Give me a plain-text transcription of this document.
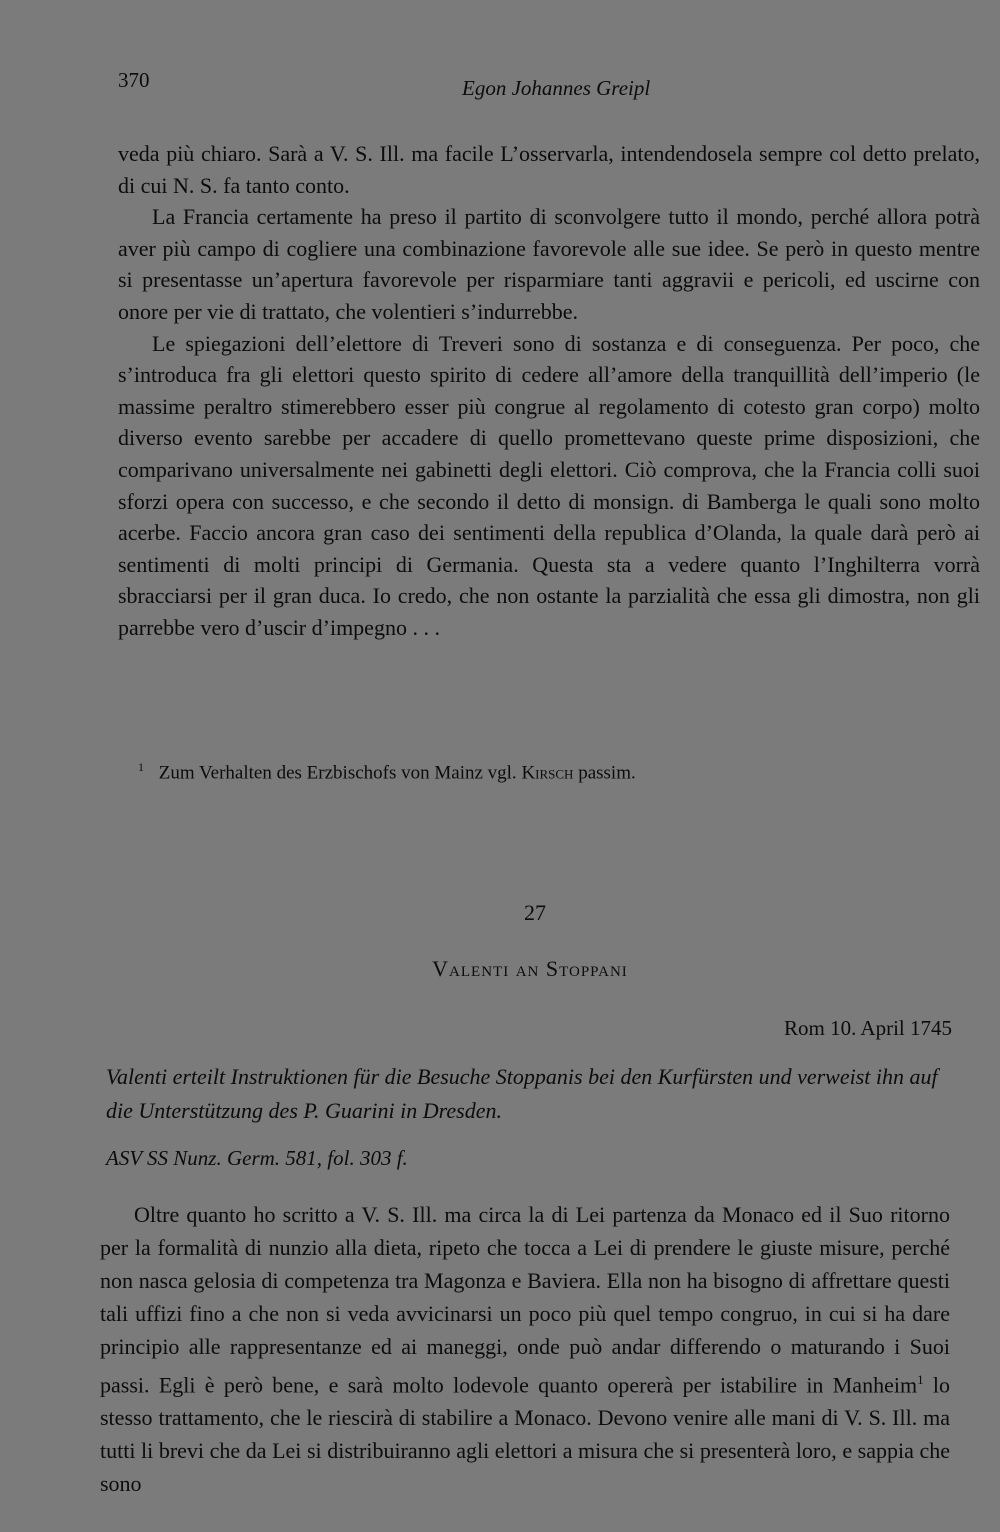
370	Egon Johannes Greipl

veda più chiaro. Sarà a V. S. Ill. ma facile L’osservarla, intendendosela sempre col detto prelato, di cui N. S. fa tanto conto.

La Francia certamente ha preso il partito di sconvolgere tutto il mondo, perché allora potrà aver più campo di cogliere una combinazione favorevole alle sue idee. Se però in questo mentre si presentasse un’apertura favorevole per risparmiare tanti aggravii e pericoli, ed uscirne con onore per vie di trattato, che volentieri s’indurrebbe.

Le spiegazioni dell’elettore di Treveri sono di sostanza e di conseguenza. Per poco, che s’introduca fra gli elettori questo spirito di cedere all’amore della tranquillità dell’imperio (le massime peraltro stimerebbero esser più congrue al regolamento di cotesto gran corpo) molto diverso evento sarebbe per accadere di quello promettevano queste prime disposizioni, che comparivano universalmente nei gabinetti degli elettori. Ciò comprova, che la Francia colli suoi sforzi opera con successo, e che secondo il detto di monsign. di Bamberga le quali sono molto acerbe. Faccio ancora gran caso dei sentimenti della republica d’Olanda, la quale darà però ai sentimenti di molti principi di Germania. Questa sta a vedere quanto l’Inghilterra vorrà sbracciarsi per il gran duca. Io credo, che non ostante la parzialità che essa gli dimostra, non gli parrebbe vero d’uscir d’impegno . . .

$^1$ Zum Verhalten des Erzbischofs von Mainz vgl. Kirsch passim.
27
Valenti an Stoppani
Rom 10. April 1745
Valenti erteilt Instruktionen für die Besuche Stoppanis bei den Kurfürsten und verweist ihn auf die Unterstützung des P. Guarini in Dresden.
ASV SS Nunz. Germ. 581, fol. 303 f.

Oltre quanto ho scritto a V. S. Ill. ma circa la di Lei partenza da Monaco ed il Suo ritorno per la formalità di nunzio alla dieta, ripeto che tocca a Lei di prendere le giuste misure, perché non nasca gelosia di competenza tra Magonza e Baviera. Ella non ha bisogno di affrettare questi tali uffizi fino a che non si veda avvicinarsi un poco più quel tempo congruo, in cui si ha dare principio alle rappresentanze ed ai maneggi, onde può andar differendo o maturando i Suoi passi. Egli è però bene, e sarà molto lodevole quanto opererà per istabilire in Manheim$^1$ lo stesso trattamento, che le riescirà di stabilire a Monaco. Devono venire alle mani di V. S. Ill. ma tutti li brevi che da Lei si distribuiranno agli elettori a misura che si presenterà loro, e sappia che sono
